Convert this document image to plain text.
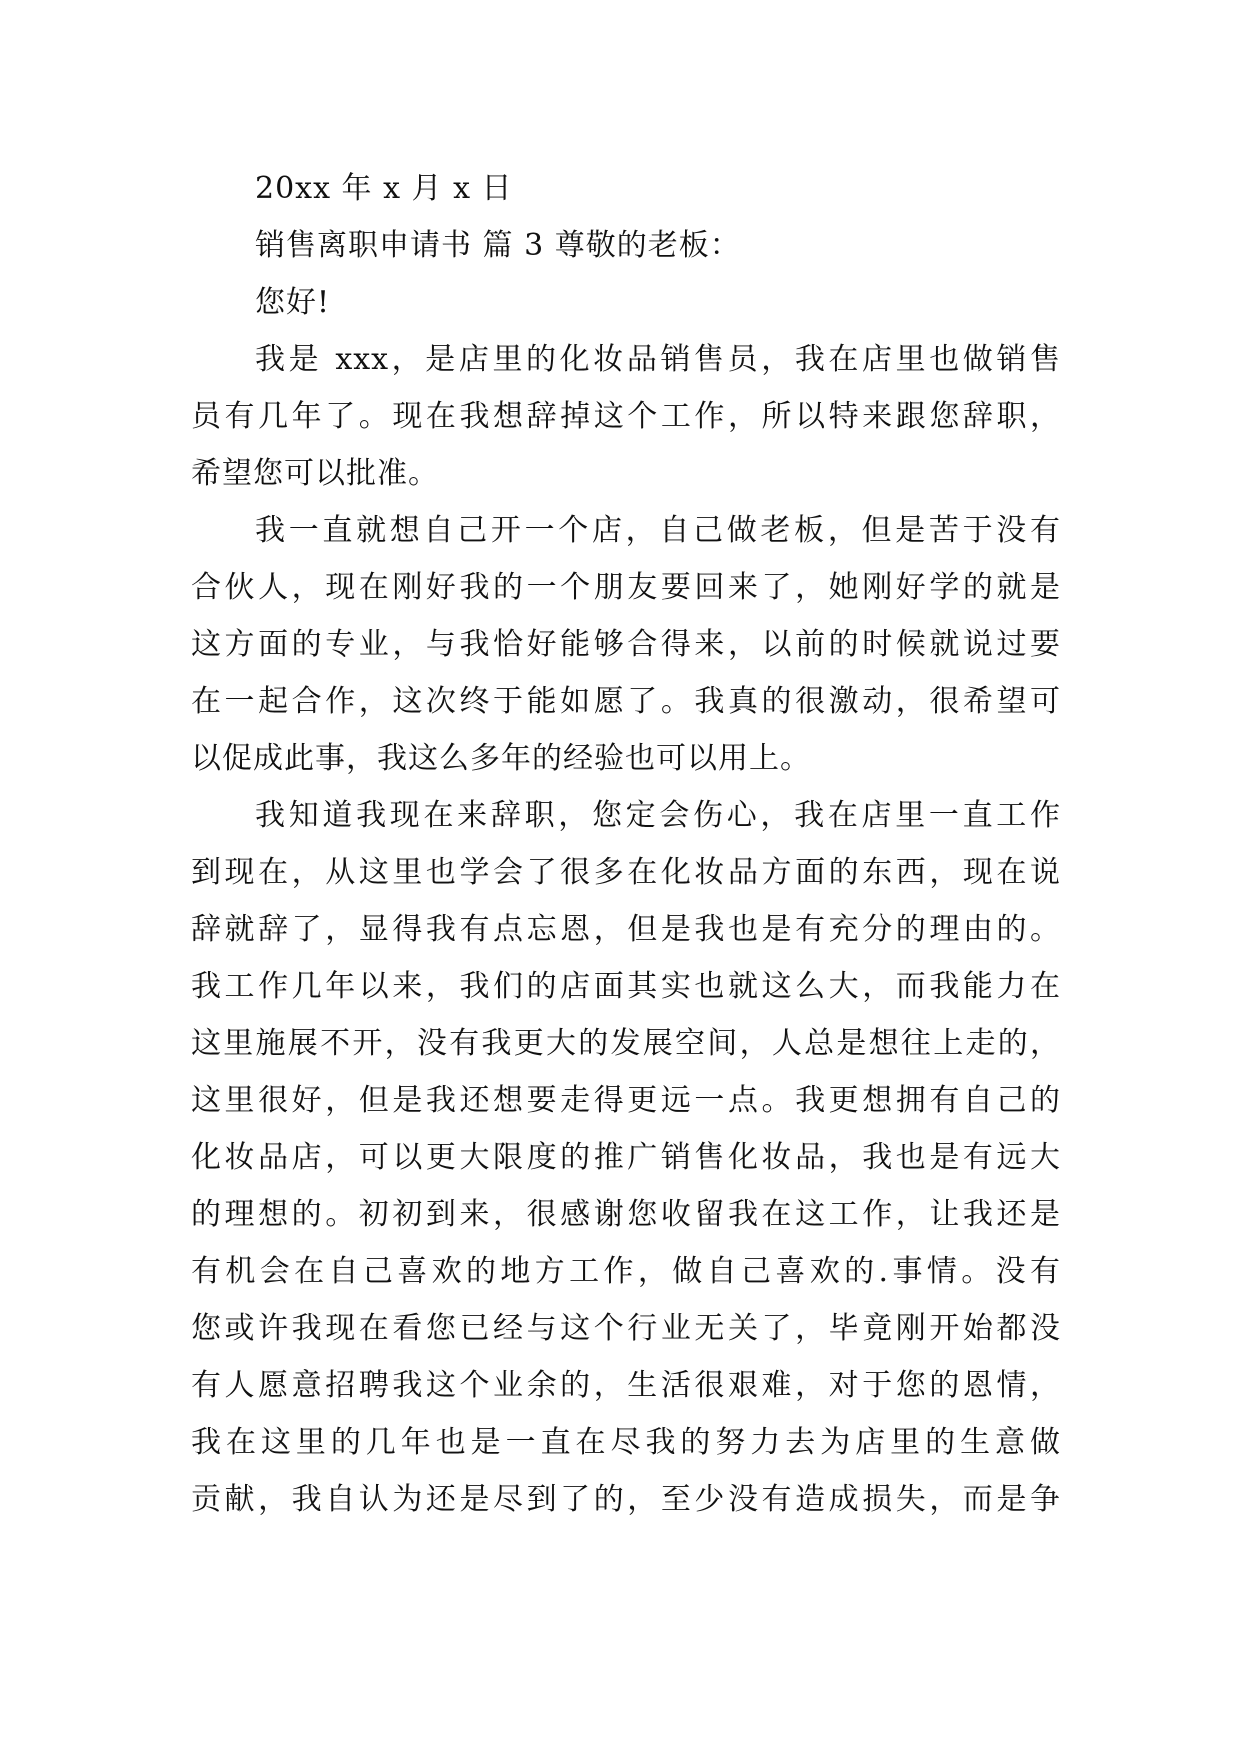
20xx 年 x 月 x 日
销售离职申请书 篇 3 尊敬的老板：
您好!
我是 xxx，是店里的化妆品销售员，我在店里也做销售
员有几年了。现在我想辞掉这个工作，所以特来跟您辞职，
希望您可以批准。
我一直就想自己开一个店，自己做老板，但是苦于没有
合伙人，现在刚好我的一个朋友要回来了，她刚好学的就是
这方面的专业，与我恰好能够合得来，以前的时候就说过要
在一起合作，这次终于能如愿了。我真的很激动，很希望可
以促成此事，我这么多年的经验也可以用上。
我知道我现在来辞职，您定会伤心，我在店里一直工作
到现在，从这里也学会了很多在化妆品方面的东西，现在说
辞就辞了，显得我有点忘恩，但是我也是有充分的理由的。
我工作几年以来，我们的店面其实也就这么大，而我能力在
这里施展不开，没有我更大的发展空间，人总是想往上走的，
这里很好，但是我还想要走得更远一点。我更想拥有自己的
化妆品店，可以更大限度的推广销售化妆品，我也是有远大
的理想的。初初到来，很感谢您收留我在这工作，让我还是
有机会在自己喜欢的地方工作，做自己喜欢的.事情。没有
您或许我现在看您已经与这个行业无关了，毕竟刚开始都没
有人愿意招聘我这个业余的，生活很艰难，对于您的恩情，
我在这里的几年也是一直在尽我的努力去为店里的生意做
贡献，我自认为还是尽到了的，至少没有造成损失，而是争
